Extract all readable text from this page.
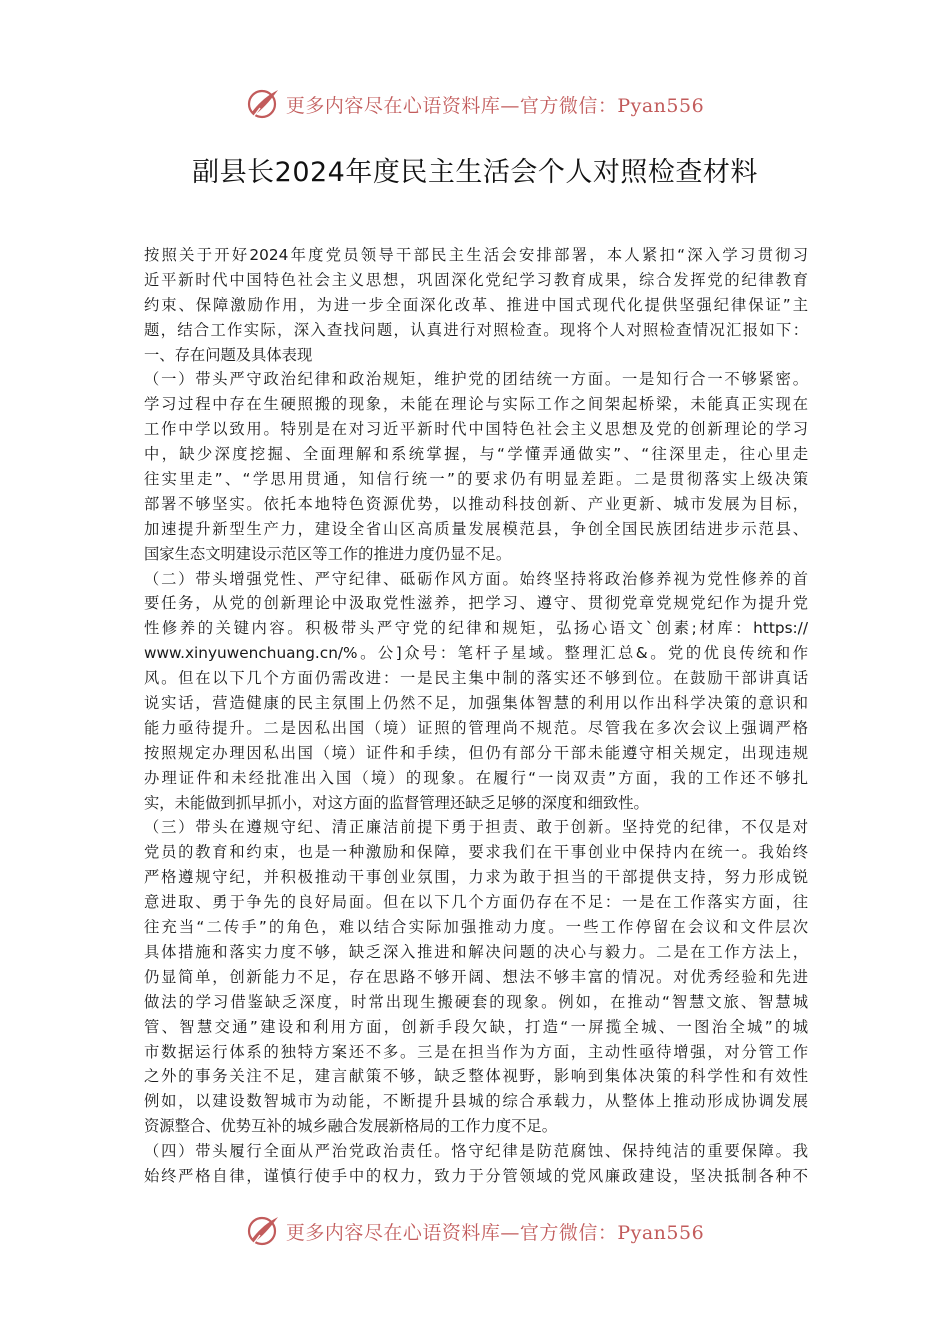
更多内容尽在心语资料库—官方微信：Pyan556
副县长2024年度民主生活会个人对照检查材料
按照关于开好2024年度党员领导干部民主生活会安排部署，本人紧扣“深入学习贯彻习
近平新时代中国特色社会主义思想，巩固深化党纪学习教育成果，综合发挥党的纪律教育
约束、保障激励作用，为进一步全面深化改革、推进中国式现代化提供坚强纪律保证”主
题，结合工作实际，深入查找问题，认真进行对照检查。现将个人对照检查情况汇报如下：
一、存在问题及具体表现
（一）带头严守政治纪律和政治规矩，维护党的团结统一方面。一是知行合一不够紧密。
学习过程中存在生硬照搬的现象，未能在理论与实际工作之间架起桥梁，未能真正实现在
工作中学以致用。特别是在对习近平新时代中国特色社会主义思想及党的创新理论的学习
中，缺少深度挖掘、全面理解和系统掌握，与“学懂弄通做实”、“往深里走，往心里走
往实里走”、“学思用贯通，知信行统一”的要求仍有明显差距。二是贯彻落实上级决策
部署不够坚实。依托本地特色资源优势，以推动科技创新、产业更新、城市发展为目标，
加速提升新型生产力，建设全省山区高质量发展模范县，争创全国民族团结进步示范县、
国家生态文明建设示范区等工作的推进力度仍显不足。
（二）带头增强党性、严守纪律、砥砺作风方面。始终坚持将政治修养视为党性修养的首
要任务，从党的创新理论中汲取党性滋养，把学习、遵守、贯彻党章党规党纪作为提升党
性修养的关键内容。积极带头严守党的纪律和规矩，弘扬心语文`创素;材库：https://
www.xinyuwenchuang.cn/%。公]众号：笔杆子星域。整理汇总&。党的优良传统和作
风。但在以下几个方面仍需改进：一是民主集中制的落实还不够到位。在鼓励干部讲真话
说实话，营造健康的民主氛围上仍然不足，加强集体智慧的利用以作出科学决策的意识和
能力亟待提升。二是因私出国（境）证照的管理尚不规范。尽管我在多次会议上强调严格
按照规定办理因私出国（境）证件和手续，但仍有部分干部未能遵守相关规定，出现违规
办理证件和未经批准出入国（境）的现象。在履行“一岗双责”方面，我的工作还不够扎
实，未能做到抓早抓小，对这方面的监督管理还缺乏足够的深度和细致性。
（三）带头在遵规守纪、清正廉洁前提下勇于担责、敢于创新。坚持党的纪律，不仅是对
党员的教育和约束，也是一种激励和保障，要求我们在干事创业中保持内在统一。我始终
严格遵规守纪，并积极推动干事创业氛围，力求为敢于担当的干部提供支持，努力形成锐
意进取、勇于争先的良好局面。但在以下几个方面仍存在不足：一是在工作落实方面，往
往充当“二传手”的角色，难以结合实际加强推动力度。一些工作停留在会议和文件层次
具体措施和落实力度不够，缺乏深入推进和解决问题的决心与毅力。二是在工作方法上，
仍显简单，创新能力不足，存在思路不够开阔、想法不够丰富的情况。对优秀经验和先进
做法的学习借鉴缺乏深度，时常出现生搬硬套的现象。例如，在推动“智慧文旅、智慧城
管、智慧交通”建设和利用方面，创新手段欠缺，打造“一屏揽全城、一图治全城”的城
市数据运行体系的独特方案还不多。三是在担当作为方面，主动性亟待增强，对分管工作
之外的事务关注不足，建言献策不够，缺乏整体视野，影响到集体决策的科学性和有效性
例如，以建设数智城市为动能，不断提升县城的综合承载力，从整体上推动形成协调发展
资源整合、优势互补的城乡融合发展新格局的工作力度不足。
（四）带头履行全面从严治党政治责任。恪守纪律是防范腐蚀、保持纯洁的重要保障。我
始终严格自律，谨慎行使手中的权力，致力于分管领域的党风廉政建设，坚决抵制各种不
更多内容尽在心语资料库—官方微信：Pyan556
